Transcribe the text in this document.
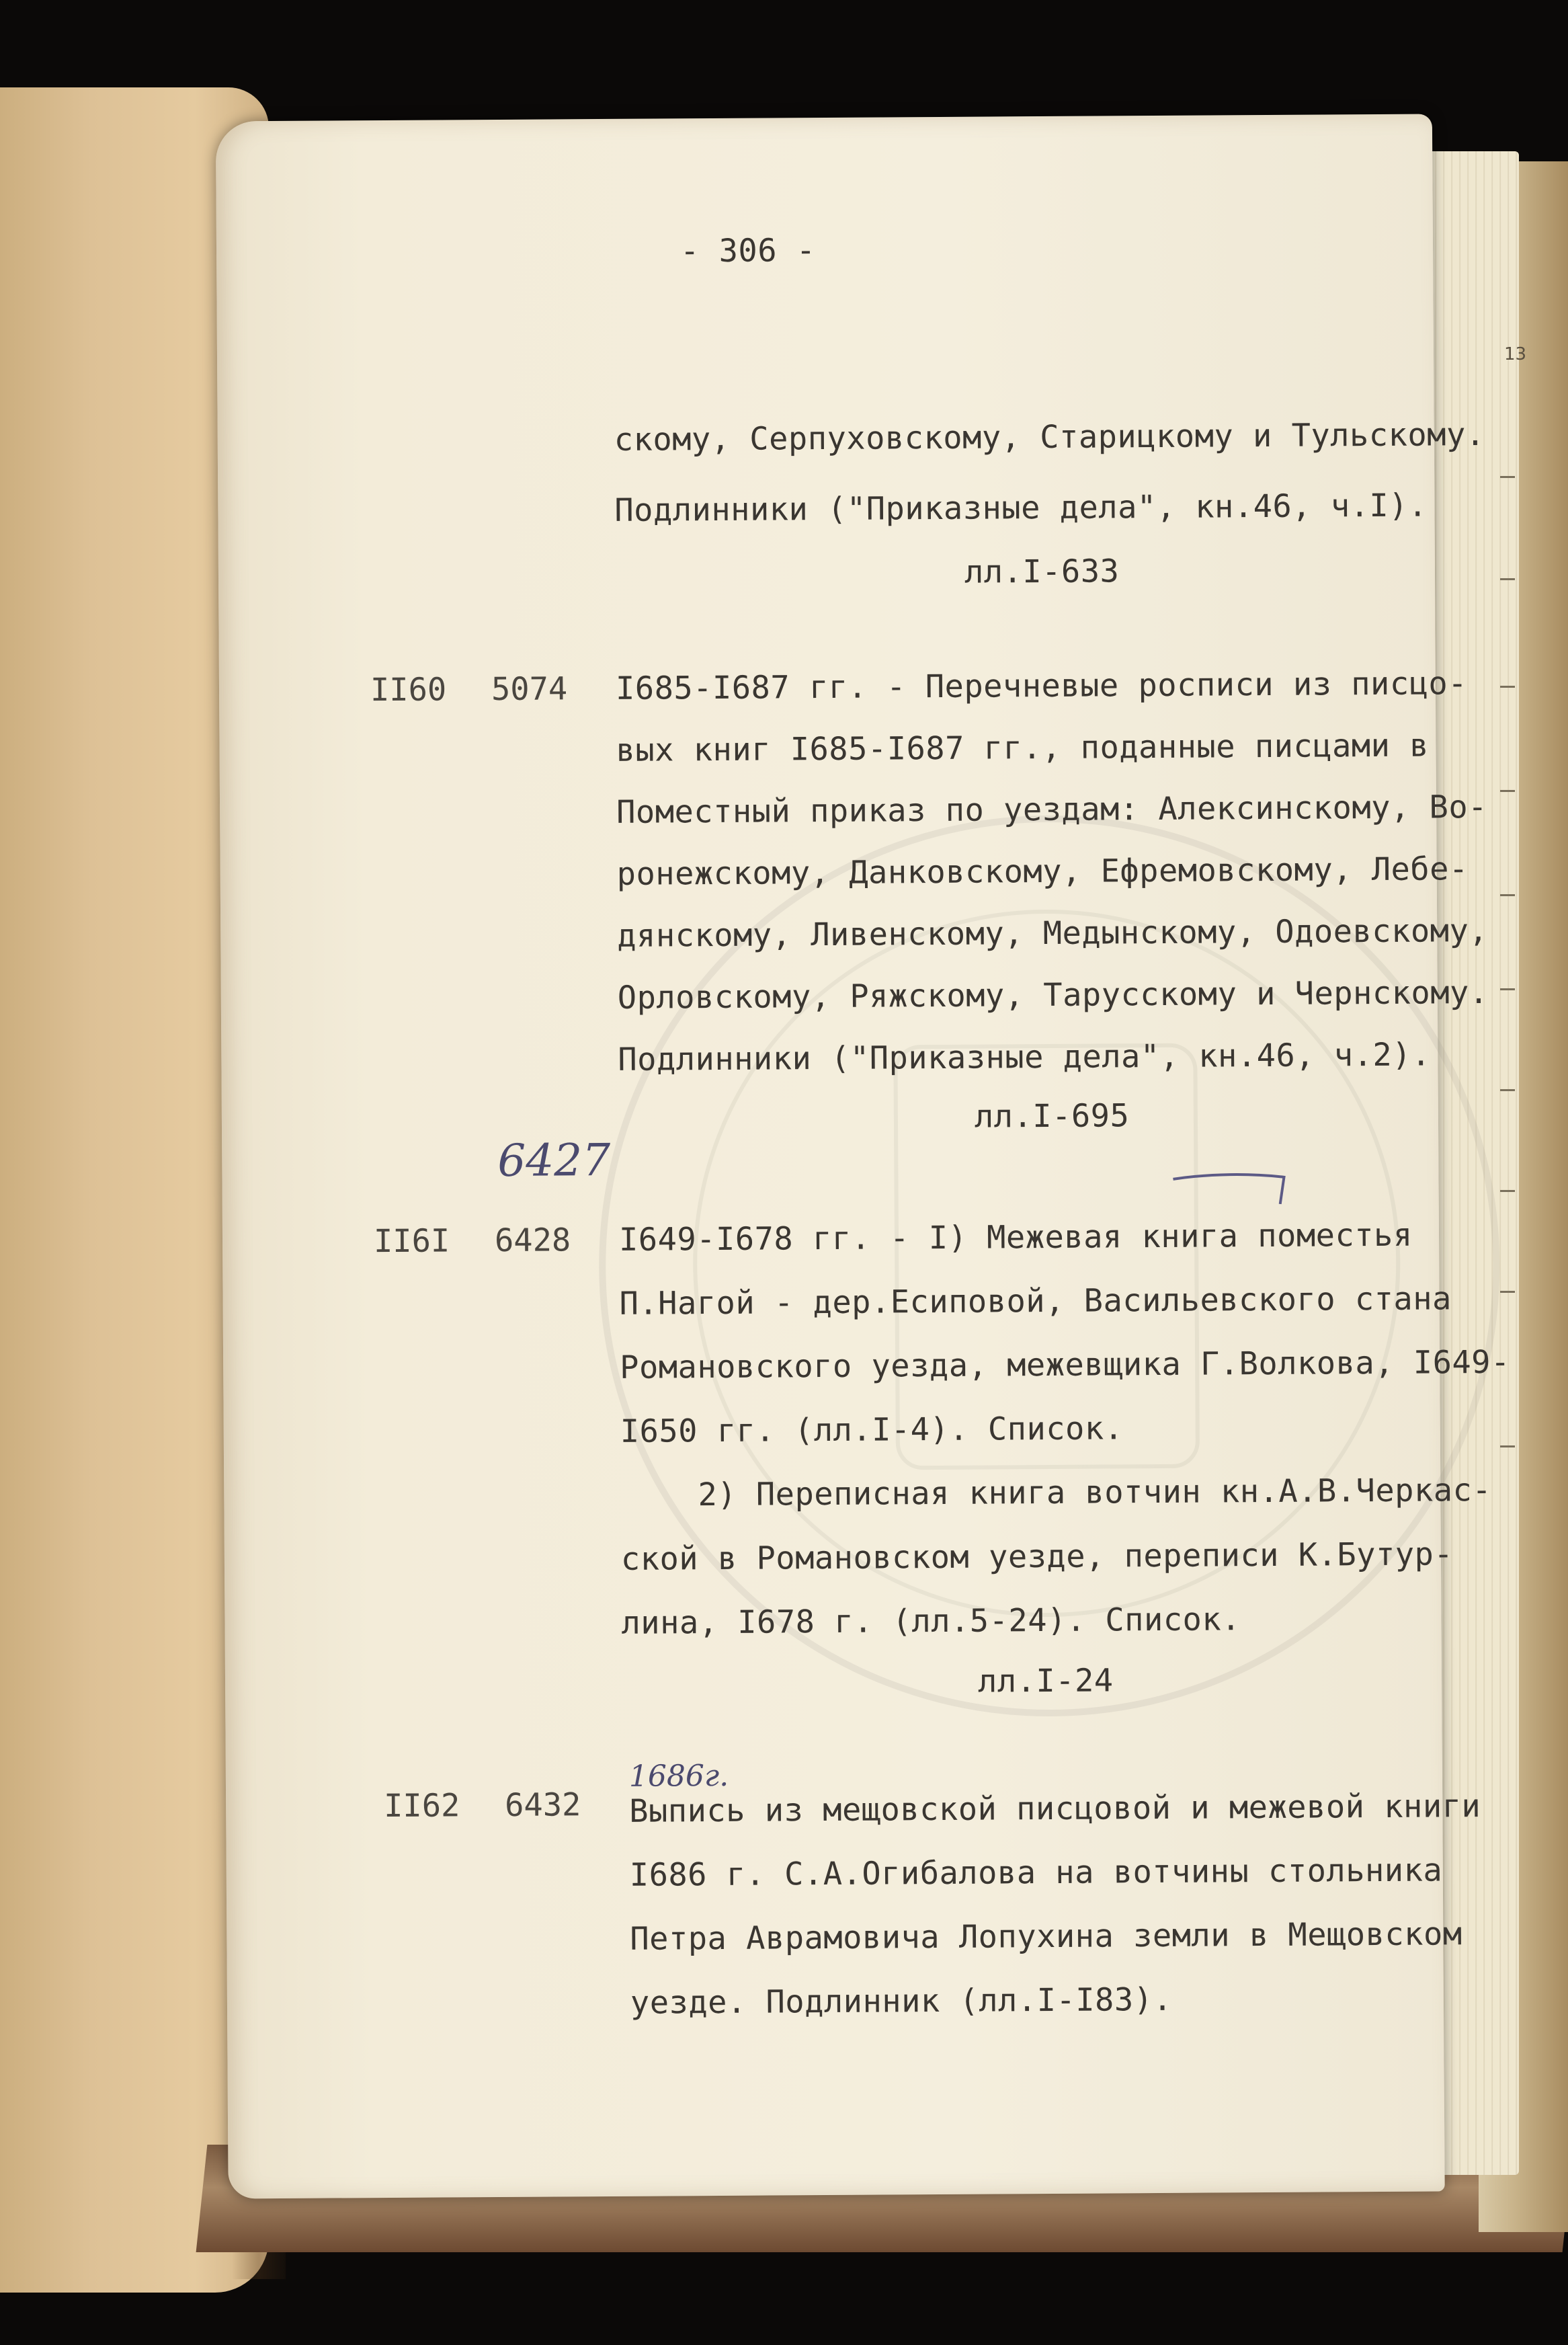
13
- 306 -
скому, Серпуховскому, Старицкому и Тульскому.
Подлинники ("Приказные дела", кн.46, ч.I).
лл.I-633
II60 5074 I685-I687 гг. - Перечневые росписи из писцо-
вых книг I685-I687 гг., поданные писцами в
Поместный приказ по уездам: Алексинскому, Во-
ронежскому, Данковскому, Ефремовскому, Лебе-
дянскому, Ливенскому, Медынскому, Одоевскому,
Орловскому, Ряжскому, Тарусскому и Чернскому.
Подлинники ("Приказные дела", кн.46, ч.2).
лл.I-695
6427
II6I 6428 I649-I678 гг. - I) Межевая книга поместья
П.Нагой - дер.Есиповой, Васильевского стана
Романовского уезда, межевщика Г.Волкова, I649-
I650 гг. (лл.I-4). Список.
2) Переписная книга вотчин кн.А.В.Черкас-
ской в Романовском уезде, переписи К.Бутур-
лина, I678 г. (лл.5-24). Список.
лл.I-24
1686г.
II62 6432 Выпись из мещовской писцовой и межевой книги
I686 г. С.А.Огибалова на вотчины стольника
Петра Аврамовича Лопухина земли в Мещовском
уезде. Подлинник (лл.I-I83).
